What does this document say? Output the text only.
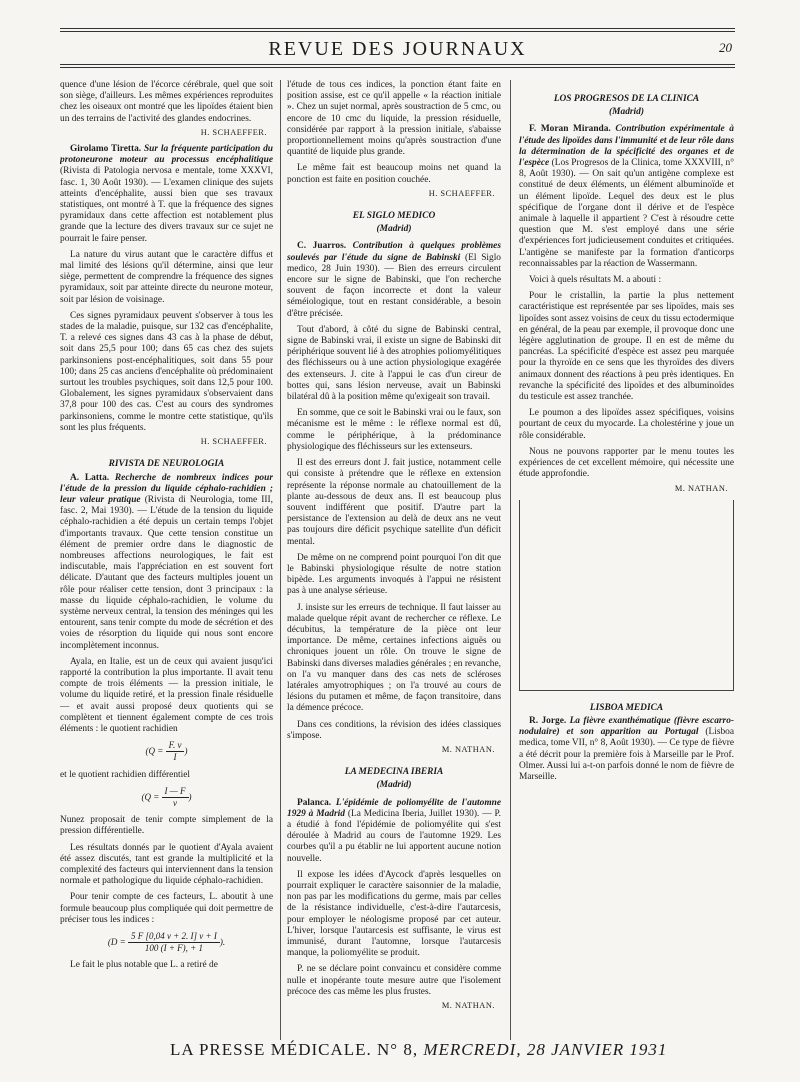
REVUE DES JOURNAUX	20

quence d'une lésion de l'écorce cérébrale, quel que soit son siège, d'ailleurs. Les mêmes expériences reproduites chez les oiseaux ont montré que les lipoïdes étaient bien un des terrains de l'activité des glandes endocrines.

H. SCHAEFFER.

Girolamo Tiretta. Sur la fréquente participation du protoneurone moteur au processus encéphalitique (Rivista di Patologia nervosa e mentale, tome XXXVI, fasc. 1, 30 Août 1930). — L'examen clinique des sujets atteints d'encéphalite, aussi bien que ses travaux statistiques, ont montré à T. que la fréquence des signes pyramidaux dans cette affection est notablement plus grande que la lecture des divers travaux sur ce sujet ne pourrait le faire penser.

La nature du virus autant que le caractère diffus et mal limité des lésions qu'il détermine, ainsi que leur siège, permettent de comprendre la fréquence des signes pyramidaux, soit par atteinte directe du neurone moteur, soit par lésion de voisinage.

Ces signes pyramidaux peuvent s'observer à tous les stades de la maladie, puisque, sur 132 cas d'encéphalite, T. a relevé ces signes dans 43 cas à la phase de début, soit dans 25,5 pour 100; dans 65 cas chez des sujets parkinsoniens post-encéphalitiques, soit dans 55 pour 100; dans 25 cas anciens d'encéphalite où prédominaient surtout les troubles psychiques, soit dans 12,5 pour 100. Globalement, les signes pyramidaux s'observaient dans 37,8 pour 100 des cas. C'est au cours des syndromes parkinsoniens, comme le montre cette statistique, qu'ils sont les plus fréquents.

H. SCHAEFFER.
RIVISTA DE NEUROLOGIA

A. Latta. Recherche de nombreux indices pour l'étude de la pression du liquide céphalo-rachidien ; leur valeur pratique (Rivista di Neurologia, tome III, fasc. 2, Mai 1930). — L'étude de la tension du liquide céphalo-rachidien a été depuis un certain temps l'objet d'importants travaux. Que cette tension constitue un élément de premier ordre dans le diagnostic de nombreuses affections neurologiques, le fait est indiscutable, mais l'appréciation en est souvent fort délicate. D'autant que des facteurs multiples jouent un rôle pour réaliser cette tension, dont 3 principaux : la masse du liquide céphalo-rachidien, le volume du système nerveux central, la tension des méninges qui les entourent, sans tenir compte du mode de sécrétion et des voies de résorption du liquide qui nous sont encore incomplètement inconnus.

Ayala, en Italie, est un de ceux qui avaient jusqu'ici rapporté la contribution la plus importante. Il avait tenu compte de trois éléments — la pression initiale, le volume du liquide retiré, et la pression finale résiduelle — et avait aussi proposé deux quotients qui se complètent et tiennent également compte de ces trois éléments : le quotient rachidien

($Q = \frac{F. v}{I}$ )

et le quotient rachidien différentiel

($Q = \frac{I — F}{v}$ )

Nunez proposait de tenir compte simplement de la pression différentielle.

Les résultats donnés par le quotient d'Ayala avaient été assez discutés, tant est grande la multiplicité et la complexité des facteurs qui interviennent dans la tension normale et pathologique du liquide céphalo-rachidien.

Pour tenir compte de ces facteurs, L. aboutit à une formule beaucoup plus compliquée qui doit permettre de préciser tous les indices :

($D = \frac{5 F [0,04 v + 2. I] v + I}{100 (I + F), + 1}$ ).

Le fait le plus notable que L. a retiré de

l'étude de tous ces indices, la ponction étant faite en position assise, est ce qu'il appelle « la réaction initiale ». Chez un sujet normal, après soustraction de 5 cmc, ou encore de 10 cmc du liquide, la pression résiduelle, considérée par rapport à la pression initiale, s'abaisse proportionnellement moins qu'après soustraction d'une quantité de liquide plus grande.

Le même fait est beaucoup moins net quand la ponction est faite en position couchée.

H. SCHAEFFER.
EL SIGLO MEDICO
(Madrid)

C. Juarros. Contribution à quelques problèmes soulevés par l'étude du signe de Babinski (El Siglo medico, 28 Juin 1930). — Bien des erreurs circulent encore sur le signe de Babinski, que l'on recherche souvent de façon incorrecte et dont la valeur séméiologique, tout en restant considérable, a besoin d'être précisée.

Tout d'abord, à côté du signe de Babinski central, signe de Babinski vrai, il existe un signe de Babinski dit périphérique souvent lié à des atrophies poliomyélitiques des fléchisseurs ou à une action physiologique exagérée des extenseurs. J. cite à l'appui le cas d'un cireur de bottes qui, sans lésion nerveuse, avait un Babinski bilatéral dû à la position même qu'exigeait son travail.

En somme, que ce soit le Babinski vrai ou le faux, son mécanisme est le même : le réflexe normal est dû, comme le périphérique, à la prédominance physiologique des fléchisseurs sur les extenseurs.

Il est des erreurs dont J. fait justice, notamment celle qui consiste à prétendre que le réflexe en extension représente la réponse normale au chatouillement de la plante au-dessous de deux ans. Il est beaucoup plus souvent indifférent que positif. D'autre part la persistance de l'extension au delà de deux ans ne veut pas toujours dire déficit psychique satellite d'un déficit mental.

De même on ne comprend point pourquoi l'on dit que le Babinski physiologique résulte de notre station bipède. Les arguments invoqués à l'appui ne résistent pas à une analyse sérieuse.

J. insiste sur les erreurs de technique. Il faut laisser au malade quelque répit avant de rechercher ce réflexe. Le décubitus, la température de la pièce ont leur importance. De même, certaines infections aiguës ou chroniques jouent un rôle. On trouve le signe de Babinski dans diverses maladies générales ; en revanche, on l'a vu manquer dans des cas nets de scléroses latérales amyotrophiques ; on l'a trouvé au cours de lésions du putamen et même, de façon transitoire, dans la démence précoce.

Dans ces conditions, la révision des idées classiques s'impose.

M. NATHAN.
LA MEDECINA IBERIA
(Madrid)

Palanca. L'épidémie de poliomyélite de l'automne 1929 à Madrid (La Medicina Iberia, Juillet 1930). — P. a étudié à fond l'épidémie de poliomyélite qui s'est déroulée à Madrid au cours de l'automne 1929. Les courbes qu'il a pu établir ne lui apportent aucune notion nouvelle.

Il expose les idées d'Aycock d'après lesquelles on pourrait expliquer le caractère saisonnier de la maladie, non pas par les modifications du germe, mais par celles de la résistance individuelle, c'est-à-dire l'autarcesis, pour employer le néologisme proposé par cet auteur. L'hiver, lorsque l'autarcesis est suffisante, le virus est immunisé, durant l'automne, lorsque l'autarcesis manque, la poliomyélite se produit.

P. ne se déclare point convaincu et considère comme nulle et inopérante toute mesure autre que l'isolement précoce des cas même les plus frustes.

M. NATHAN.
LOS PROGRESOS DE LA CLINICA
(Madrid)

F. Moran Miranda. Contribution expérimentale à l'étude des lipoïdes dans l'immunité et de leur rôle dans la détermination de la spécificité des organes et de l'espèce (Los Progresos de la Clinica, tome XXXVIII, n° 8, Août 1930). — On sait qu'un antigène complexe est constitué de deux éléments, un élément albuminoïde et un élément lipoïde. Lequel des deux est le plus spécifique de l'organe dont il dérive et de l'espèce animale à laquelle il appartient ? C'est à résoudre cette question que M. s'est employé dans une série d'expériences fort judicieusement conduites et critiquées. L'antigène se manifeste par la formation d'anticorps reconnaissables par la réaction de Wassermann.

Voici à quels résultats M. a abouti :

Pour le cristallin, la partie la plus nettement caractéristique est représentée par ses lipoïdes, mais ses lipoïdes sont assez voisins de ceux du tissu ectodermique en général, de la peau par exemple, il provoque donc une légère agglutination de groupe. Il en est de même du pancréas. La spécificité d'espèce est assez peu marquée pour la thyroïde en ce sens que les thyroïdes des divers animaux donnent des réactions à peu près identiques. En revanche la spécificité des lipoïdes et des albuminoïdes du testicule est assez tranchée.

Le poumon a des lipoïdes assez spécifiques, voisins pourtant de ceux du myocarde. La cholestérine y joue un rôle considérable.

Nous ne pouvons rapporter par le menu toutes les expériences de cet excellent mémoire, qui nécessite une étude approfondie.

M. NATHAN.
LISBOA MEDICA

R. Jorge. La fièvre exanthématique (fièvre escarro-nodulaire) et son apparition au Portugal (Lisboa medica, tome VII, n° 8, Août 1930). — Ce type de fièvre a été décrit pour la première fois à Marseille par le Prof. Olmer. Aussi lui a-t-on parfois donné le nom de fièvre de Marseille.

LA PRESSE MÉDICALE. N° 8, MERCREDI, 28 JANVIER 1931
